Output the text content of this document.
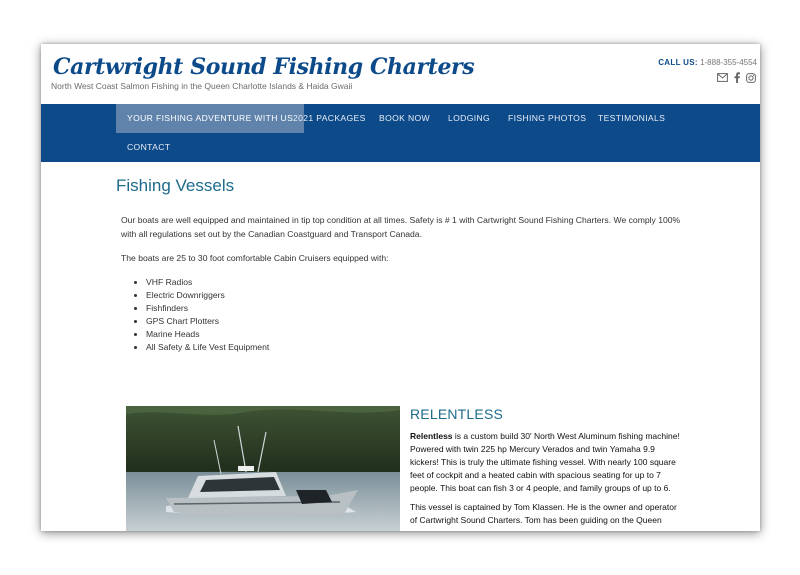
Cartwright Sound Fishing Charters
North West Coast Salmon Fishing in the Queen Charlotte Islands & Haida Gwaii
CALL US: 1-888-355-4554
YOUR FISHING ADVENTURE WITH US 2021 PACKAGES	BOOK NOW	LODGING	FISHING PHOTOS	TESTIMONIALS
CONTACT
Fishing Vessels
Our boats are well equipped and maintained in tip top condition at all times. Safety is # 1 with Cartwright Sound Fishing Charters. We comply 100% with all regulations set out by the Canadian Coastguard and Transport Canada.
The boats are 25 to 30 foot comfortable Cabin Cruisers equipped with:
• VHF Radios
• Electric Downriggers
• Fishfinders
• GPS Chart Plotters
• Marine Heads
• All Safety & Life Vest Equipment
RELENTLESS
Relentless is a custom build 30' North West Aluminum fishing machine! Powered with twin 225 hp Mercury Verados and twin Yamaha 9.9 kickers! This is truly the ultimate fishing vessel. With nearly 100 square feet of cockpit and a heated cabin with spacious seating for up to 7 people. This boat can fish 3 or 4 people, and family groups of up to 6.
This vessel is captained by Tom Klassen. He is the owner and operator of Cartwright Sound Charters. Tom has been guiding on the Queen
